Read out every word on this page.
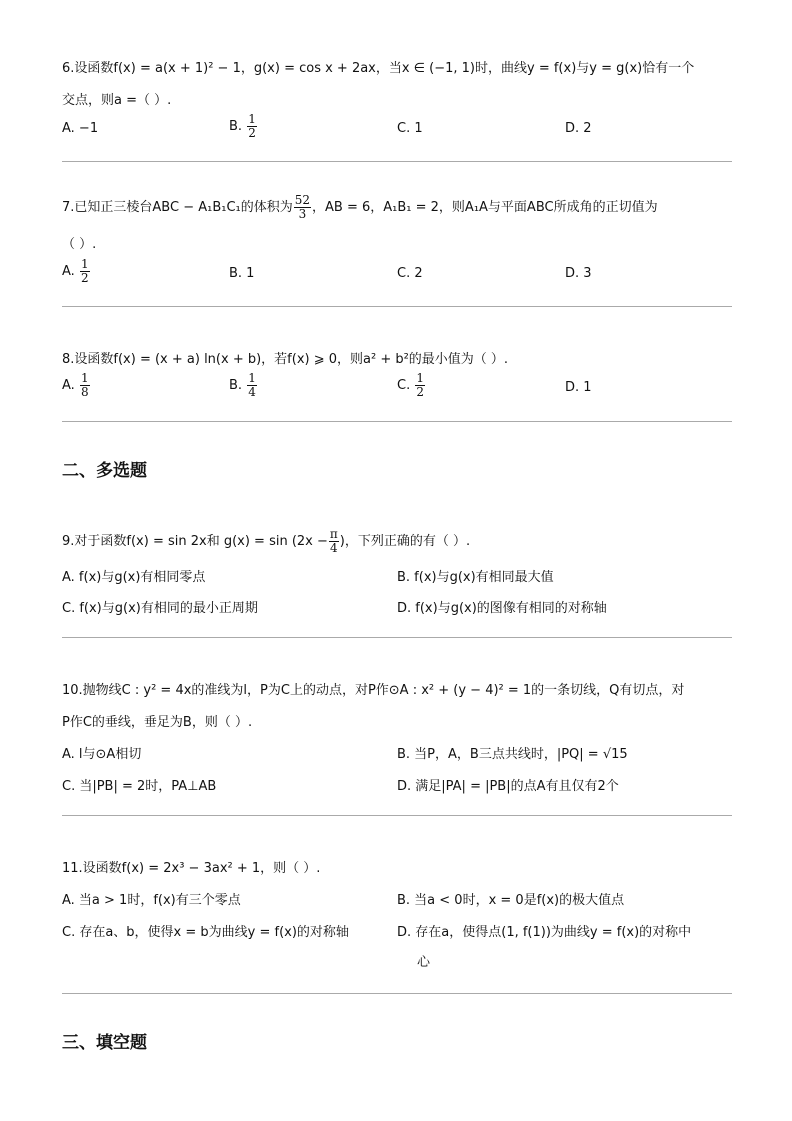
6.设函数f(x) = a(x + 1)² − 1，g(x) = cos x + 2ax，当x ∈ (−1, 1)时，曲线y = f(x)与y = g(x)恰有一个
交点，则a =（ ）.
A. −1	B. $\frac{1}{2}$	C. 1	D. 2
7.已知正三棱台ABC − A₁B₁C₁的体积为 $\frac{52}{3}$ ，AB = 6，A₁B₁ = 2，则A₁A与平面ABC所成角的正切值为
（ ）.
A. $\frac{1}{2}$	B. 1	C. 2	D. 3
8.设函数f(x) = (x + a) ln(x + b)，若f(x) ⩾ 0，则a² + b²的最小值为（ ）.
A. $\frac{1}{8}$	B. $\frac{1}{4}$	C. $\frac{1}{2}$	D. 1
二、多选题
9.对于函数f(x) = sin 2x和 $g(x) = \sin (2x - \frac{\pi}{4}$ )，下列正确的有（ ）.
A. f(x)与g(x)有相同零点	B. f(x)与g(x)有相同最大值
C. f(x)与g(x)有相同的最小正周期	D. f(x)与g(x)的图像有相同的对称轴
10.抛物线C : y² = 4x的准线为l，P为C上的动点，对P作⊙A : x² + (y − 4)² = 1的一条切线，Q有切点，对
P作C的垂线，垂足为B，则（ ）.
A. l与⊙A相切	B. 当P，A，B三点共线时，|PQ| = √15
C. 当|PB| = 2时，PA⊥AB	D. 满足|PA| = |PB|的点A有且仅有2个
11.设函数f(x) = 2x³ − 3ax² + 1，则（ ）.
A. 当a > 1时，f(x)有三个零点	B. 当a < 0时，x = 0是f(x)的极大值点
C. 存在a、b，使得x = b为曲线y = f(x)的对称轴	D. 存在a，使得点(1, f(1))为曲线y = f(x)的对称中
心
三、填空题
